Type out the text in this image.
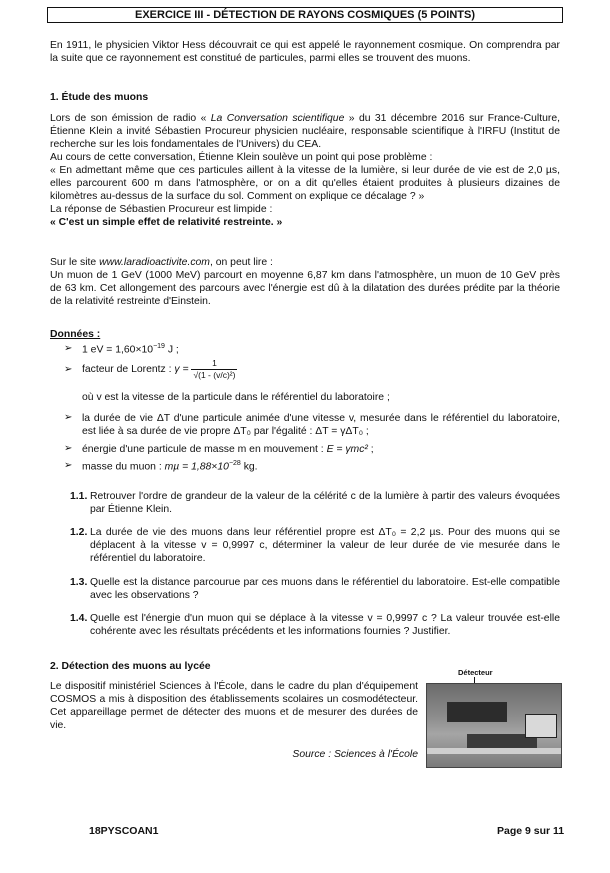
EXERCICE III - DÉTECTION DE RAYONS COSMIQUES (5 POINTS)

En 1911, le physicien Viktor Hess découvrait ce qui est appelé le rayonnement cosmique. On comprendra par la suite que ce rayonnement est constitué de particules, parmi elles se trouvent des muons.

1. Étude des muons

Lors de son émission de radio « La Conversation scientifique » du 31 décembre 2016 sur France-Culture, Étienne Klein a invité Sébastien Procureur physicien nucléaire, responsable scientifique à l'IRFU (Institut de recherche sur les lois fondamentales de l'Univers) du CEA.

Au cours de cette conversation, Étienne Klein soulève un point qui pose problème :

« En admettant même que ces particules aillent à la vitesse de la lumière, si leur durée de vie est de 2,0 µs, elles parcourent 600 m dans l'atmosphère, or on a dit qu'elles étaient produites à plusieurs dizaines de kilomètres au-dessus de la surface du sol. Comment on explique ce décalage ? »

La réponse de Sébastien Procureur est limpide :

« C'est un simple effet de relativité restreinte. »

Sur le site www.laradioactivite.com, on peut lire :

Un muon de 1 GeV (1000 MeV) parcourt en moyenne 6,87 km dans l'atmosphère, un muon de 10 GeV près de 63 km. Cet allongement des parcours avec l'énergie est dû à la dilatation des durées prédite par la théorie de la relativité restreinte d'Einstein.

Données :
➢ 1 eV = $1,60\times 10^{-19}$ J ;
➢ facteur de Lorentz : $\gamma = \frac{1}{\text{√(1 - (v/c)²)}}$

où v est la vitesse de la particule dans le référentiel du laboratoire ;

➢ la durée de vie ΔT d'une particule animée d'une vitesse v, mesurée dans le référentiel du laboratoire, est liée à sa durée de vie propre ΔT₀ par l'égalité : ΔT = γΔT₀ ;
➢ énergie d'une particule de masse m en mouvement : E = γmc² ;
➢ masse du muon : $m\mu = 1,88\times 10^{-28}$ kg.
1.1. Retrouver l'ordre de grandeur de la valeur de la célérité c de la lumière à partir des valeurs évoquées par Étienne Klein.
1.2. La durée de vie des muons dans leur référentiel propre est ΔT₀ = 2,2 µs. Pour des muons qui se déplacent à la vitesse v = 0,9997 c, déterminer la valeur de leur durée de vie mesurée dans le référentiel du laboratoire.
1.3. Quelle est la distance parcourue par ces muons dans le référentiel du laboratoire. Est-elle compatible avec les observations ?
1.4. Quelle est l'énergie d'un muon qui se déplace à la vitesse v = 0,9997 c ? La valeur trouvée est-elle cohérente avec les résultats précédents et les informations fournies ? Justifier.
2. Détection des muons au lycée

Le dispositif ministériel Sciences à l'École, dans le cadre du plan d'équipement COSMOS a mis à disposition des établissements scolaires un cosmodétecteur. Cet appareillage permet de détecter des muons et de mesurer des durées de vie.

Source : Sciences à l'École

Détecteur
18PYSCOAN1	Page 9 sur 11
